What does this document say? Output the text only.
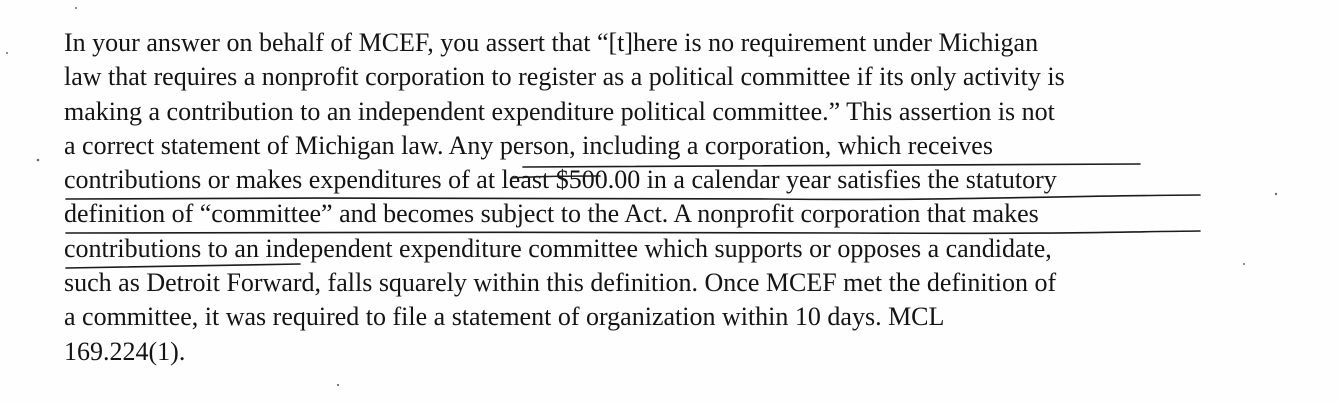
In your answer on behalf of MCEF, you assert that “[t]here is no requirement under Michigan
law that requires a nonprofit corporation to register as a political committee if its only activity is
making a contribution to an independent expenditure political committee.” This assertion is not
a correct statement of Michigan law. Any person, including a corporation, which receives
contributions or makes expenditures of at least $500.00 in a calendar year satisfies the statutory
definition of “committee” and becomes subject to the Act. A nonprofit corporation that makes
contributions to an independent expenditure committee which supports or opposes a candidate,
such as Detroit Forward, falls squarely within this definition. Once MCEF met the definition of
a committee, it was required to file a statement of organization within 10 days. MCL
169.224(1).
